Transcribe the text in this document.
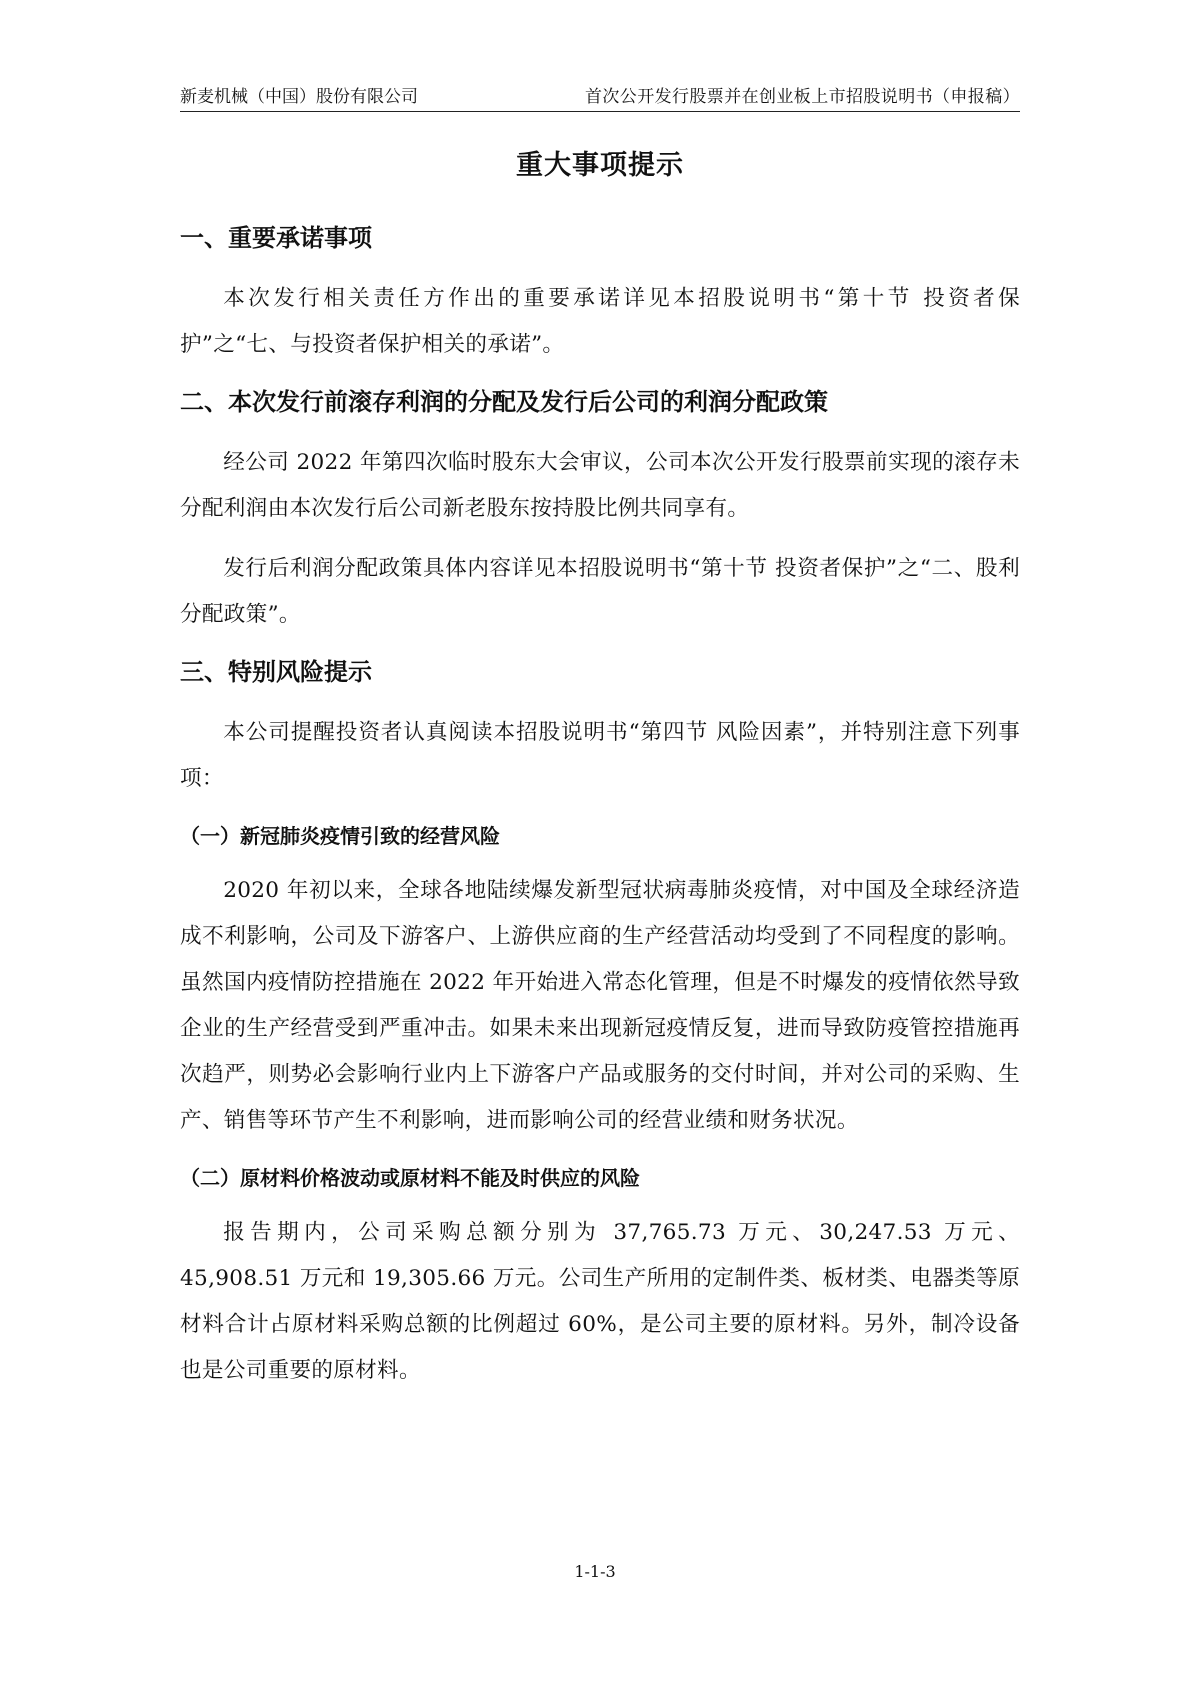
新麦机械（中国）股份有限公司	首次公开发行股票并在创业板上市招股说明书（申报稿）
重大事项提示
一、重要承诺事项

本次发行相关责任方作出的重要承诺详见本招股说明书“第十节 投资者保护”之“七、与投资者保护相关的承诺”。

二、本次发行前滚存利润的分配及发行后公司的利润分配政策

经公司 2022 年第四次临时股东大会审议，公司本次公开发行股票前实现的滚存未分配利润由本次发行后公司新老股东按持股比例共同享有。

发行后利润分配政策具体内容详见本招股说明书“第十节 投资者保护”之“二、股利分配政策”。

三、特别风险提示

本公司提醒投资者认真阅读本招股说明书“第四节 风险因素”，并特别注意下列事项：

（一）新冠肺炎疫情引致的经营风险

2020 年初以来，全球各地陆续爆发新型冠状病毒肺炎疫情，对中国及全球经济造成不利影响，公司及下游客户、上游供应商的生产经营活动均受到了不同程度的影响。虽然国内疫情防控措施在 2022 年开始进入常态化管理，但是不时爆发的疫情依然导致企业的生产经营受到严重冲击。如果未来出现新冠疫情反复，进而导致防疫管控措施再次趋严，则势必会影响行业内上下游客户产品或服务的交付时间，并对公司的采购、生产、销售等环节产生不利影响，进而影响公司的经营业绩和财务状况。

（二）原材料价格波动或原材料不能及时供应的风险

报告期内，公司采购总额分别为 37,765.73 万元、30,247.53 万元、45,908.51 万元和 19,305.66 万元。公司生产所用的定制件类、板材类、电器类等原材料合计占原材料采购总额的比例超过 60%，是公司主要的原材料。另外，制冷设备也是公司重要的原材料。

1-1-3
